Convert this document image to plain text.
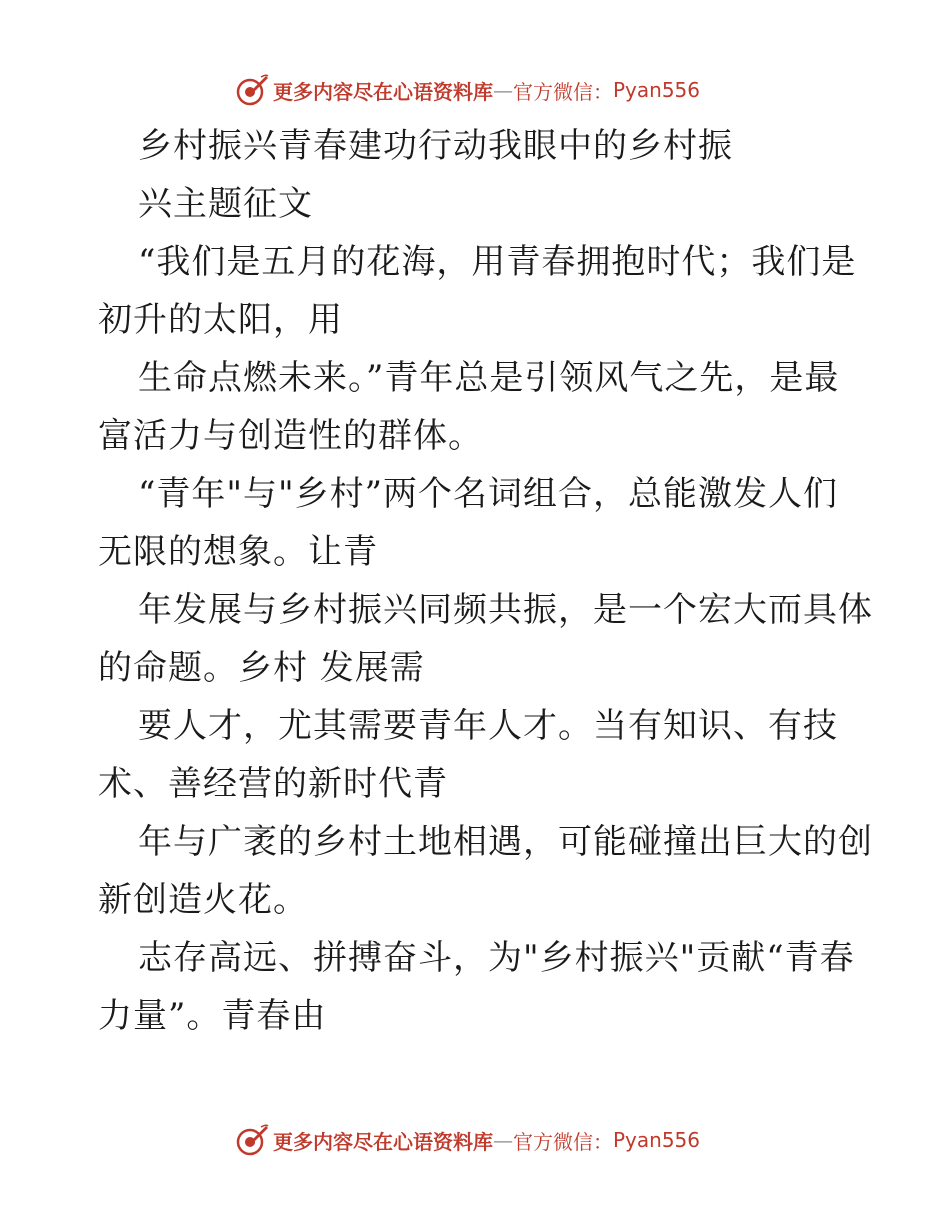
更多内容尽在心语资料库 — 官方微信： Pyan556
乡村振兴青春建功行动我眼中的乡村振
兴主题征文
“我们是五月的花海，用青春拥抱时代；我们是
初升的太阳，用
生命点燃未来。”青年总是引领风气之先，是最
富活力与创造性的群体。
“青年"与"乡村”两个名词组合，总能激发人们
无限的想象。让青
年发展与乡村振兴同频共振，是一个宏大而具体
的命题。乡村 发展需
要人才，尤其需要青年人才。当有知识、有技
术、善经营的新时代青
年与广袤的乡村土地相遇，可能碰撞出巨大的创
新创造火花。
志存高远、拼搏奋斗，为"乡村振兴"贡献“青春
力量”。青春由
更多内容尽在心语资料库 — 官方微信： Pyan556
